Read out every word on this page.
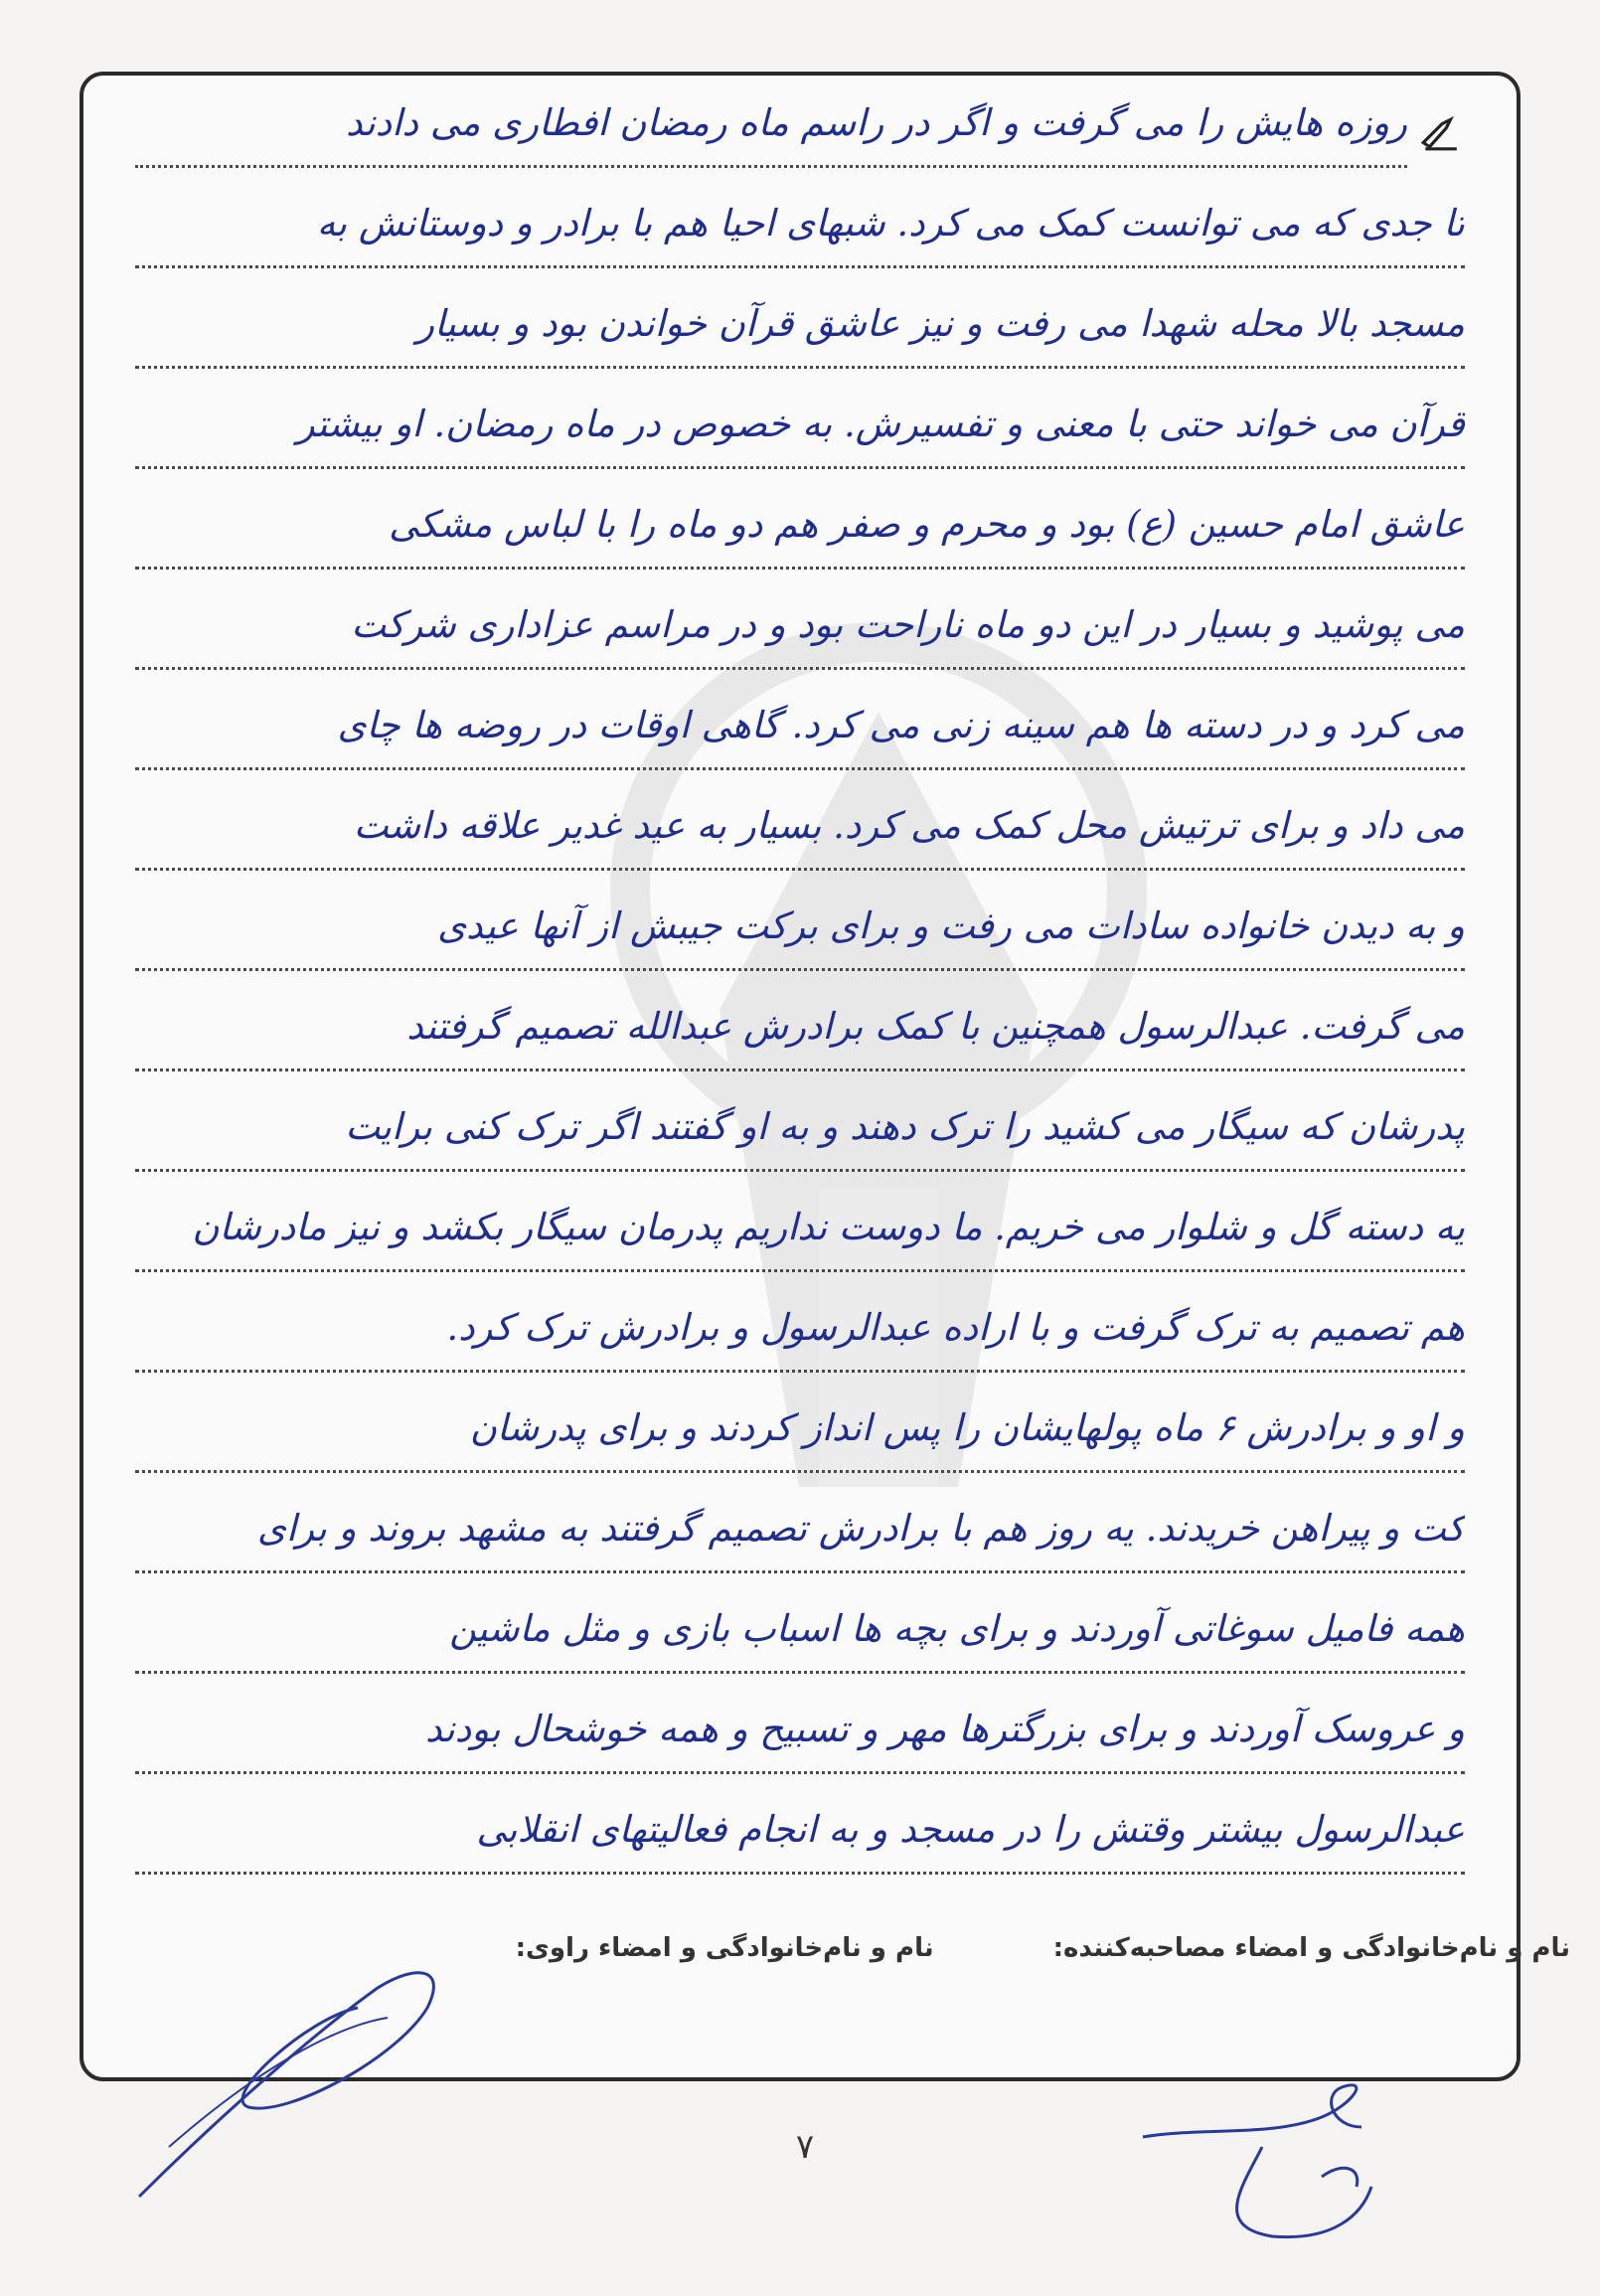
روزه هایش را می گرفت و اگر در راسم ماه رمضان افطاری می دادند
تا جدی که می توانست کمک می کرد. شبهای احیا هم با برادر و دوستانش به
مسجد بالا محله شهدا می رفت و نیز عاشق قرآن خواندن بود و بسیار
قرآن می خواند حتی با معنی و تفسیرش. به خصوص در ماه رمضان. او بیشتر
عاشق امام حسین (ع) بود و محرم و صفر هم دو ماه را با لباس مشکی
می پوشید و بسیار در این دو ماه ناراحت بود و در مراسم عزاداری شرکت
می کرد و در دسته ها هم سینه زنی می کرد. گاهی اوقات در روضه ها چای
می داد و برای ترتیش محل کمک می کرد. بسیار به عید غدیر علاقه داشت
و به دیدن خانواده سادات می رفت و برای برکت جیبش از آنها عیدی
می گرفت. عبدالرسول همچنین با کمک برادرش عبدالله تصمیم گرفتند
پدرشان که سیگار می کشید را ترک دهند و به او گفتند اگر ترک کنی برایت
یه دسته گل و شلوار می خریم. ما دوست نداریم پدرمان سیگار بکشد و نیز مادرشان
هم تصمیم به ترک گرفت و با اراده عبدالرسول و برادرش ترک کرد.
و او و برادرش ۶ ماه پولهایشان را پس انداز کردند و برای پدرشان
کت و پیراهن خریدند. یه روز هم با برادرش تصمیم گرفتند به مشهد بروند و برای
همه فامیل سوغاتی آوردند و برای بچه ها اسباب بازی و مثل ماشین
و عروسک آوردند و برای بزرگترها مهر و تسبیح و همه خوشحال بودند
عبدالرسول بیشتر وقتش را در مسجد و به انجام فعالیتهای انقلابی
نام و نام‌خانوادگی و امضاء مصاحبه‌کننده:
نام و نام‌خانوادگی و امضاء راوی:
۷
